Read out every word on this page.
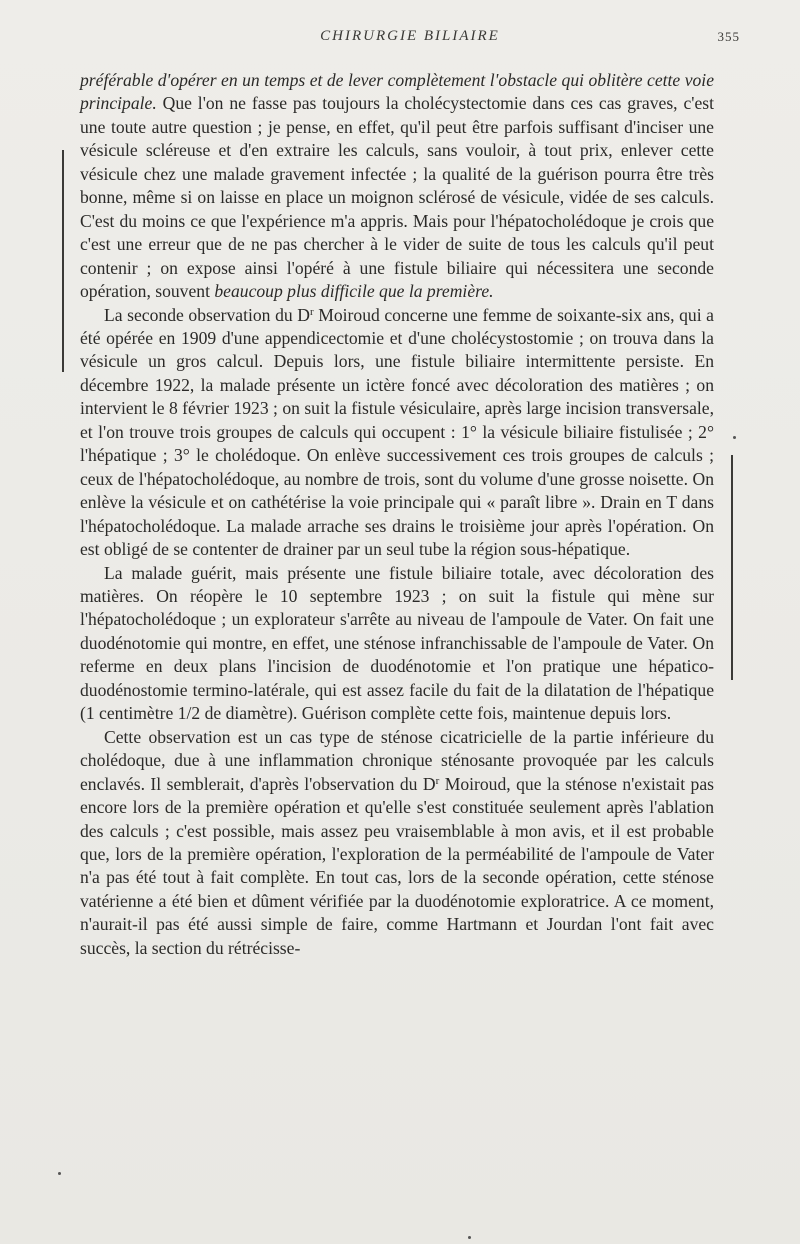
CHIRURGIE BILIAIRE	355

préférable d'opérer en un temps et de lever complètement l'obstacle qui oblitère cette voie principale. Que l'on ne fasse pas toujours la cholécystectomie dans ces cas graves, c'est une toute autre question ; je pense, en effet, qu'il peut être parfois suffisant d'inciser une vésicule scléreuse et d'en extraire les calculs, sans vouloir, à tout prix, enlever cette vésicule chez une malade gravement infectée ; la qualité de la guérison pourra être très bonne, même si on laisse en place un moignon sclérosé de vésicule, vidée de ses calculs. C'est du moins ce que l'expérience m'a appris. Mais pour l'hépatocholédoque je crois que c'est une erreur que de ne pas chercher à le vider de suite de tous les calculs qu'il peut contenir ; on expose ainsi l'opéré à une fistule biliaire qui nécessitera une seconde opération, souvent beaucoup plus difficile que la première.

La seconde observation du $D^r$ Moiroud concerne une femme de soixante-six ans, qui a été opérée en 1909 d'une appendicectomie et d'une cholécystostomie ; on trouva dans la vésicule un gros calcul. Depuis lors, une fistule biliaire intermittente persiste. En décembre 1922, la malade présente un ictère foncé avec décoloration des matières ; on intervient le 8 février 1923 ; on suit la fistule vésiculaire, après large incision transversale, et l'on trouve trois groupes de calculs qui occupent : 1° la vésicule biliaire fistulisée ; 2° l'hépatique ; 3° le cholédoque. On enlève successivement ces trois groupes de calculs ; ceux de l'hépatocholédoque, au nombre de trois, sont du volume d'une grosse noisette. On enlève la vésicule et on cathétérise la voie principale qui « paraît libre ». Drain en T dans l'hépatocholédoque. La malade arrache ses drains le troisième jour après l'opération. On est obligé de se contenter de drainer par un seul tube la région sous-hépatique.

La malade guérit, mais présente une fistule biliaire totale, avec décoloration des matières. On réopère le 10 septembre 1923 ; on suit la fistule qui mène sur l'hépatocholédoque ; un explorateur s'arrête au niveau de l'ampoule de Vater. On fait une duodénotomie qui montre, en effet, une sténose infranchissable de l'ampoule de Vater. On referme en deux plans l'incision de duodénotomie et l'on pratique une hépatico-duodénostomie termino-latérale, qui est assez facile du fait de la dilatation de l'hépatique (1 centimètre 1/2 de diamètre). Guérison complète cette fois, maintenue depuis lors.

Cette observation est un cas type de sténose cicatricielle de la partie inférieure du cholédoque, due à une inflammation chronique sténosante provoquée par les calculs enclavés. Il semblerait, d'après l'observation du $D^r$ Moiroud, que la sténose n'existait pas encore lors de la première opération et qu'elle s'est constituée seulement après l'ablation des calculs ; c'est possible, mais assez peu vraisemblable à mon avis, et il est probable que, lors de la première opération, l'exploration de la perméabilité de l'ampoule de Vater n'a pas été tout à fait complète. En tout cas, lors de la seconde opération, cette sténose vatérienne a été bien et dûment vérifiée par la duodénotomie exploratrice. A ce moment, n'aurait-il pas été aussi simple de faire, comme Hartmann et Jourdan l'ont fait avec succès, la section du rétrécisse-
